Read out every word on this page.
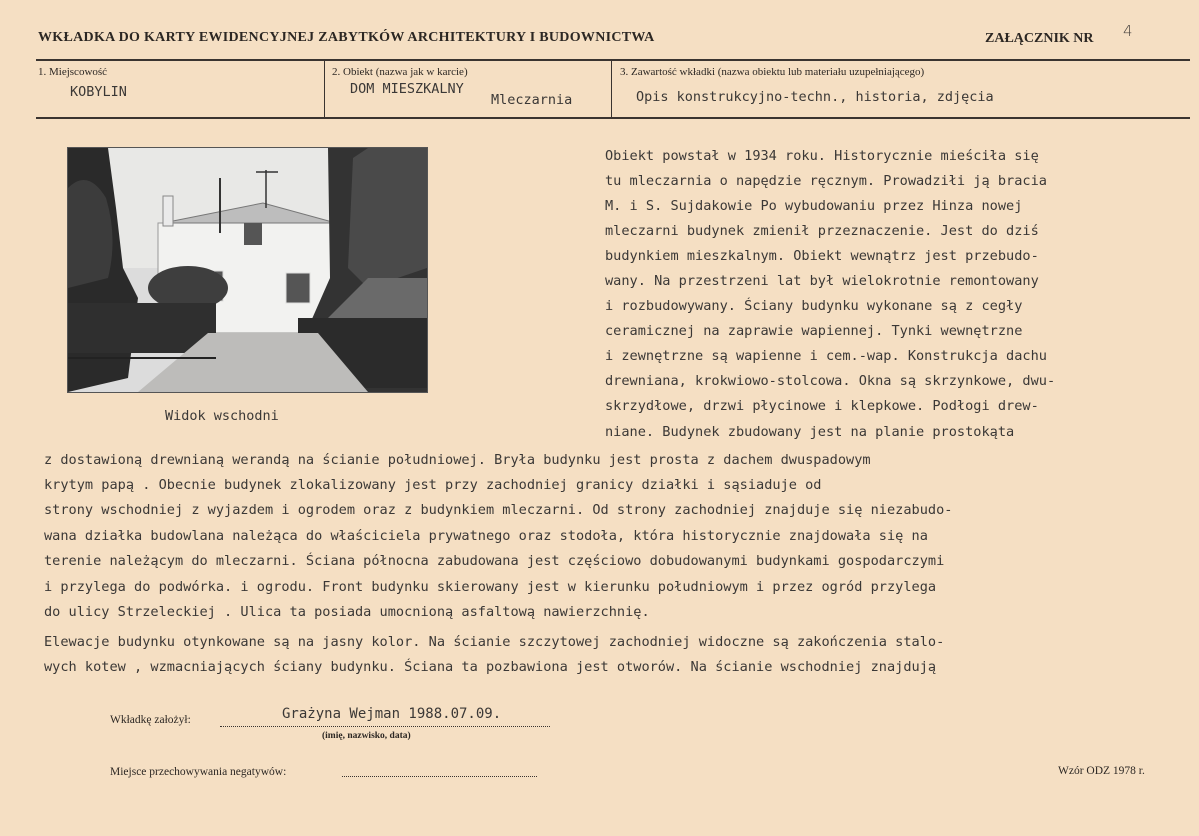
WKŁADKA DO KARTY EWIDENCYJNEJ ZABYTKÓW ARCHITEKTURY I BUDOWNICTWA	ZAŁĄCZNIK NR 4
1. Miejscowość
KOBYLIN
2. Obiekt (nazwa jak w karcie)
DOM MIESZKALNY
Mleczarnia
3. Zawartość wkładki (nazwa obiektu lub materiału uzupełniającego)
Opis konstrukcyjno-techn., historia, zdjęcia
Widok wschodni
Obiekt powstał w 1934 roku. Historycznie mieściła się
tu mleczarnia o napędzie ręcznym. Prowadziłi ją bracia
M. i S. Sujdakowie Po wybudowaniu przez Hinza nowej
mleczarni budynek zmienił przeznaczenie. Jest do dziś
budynkiem mieszkalnym. Obiekt wewnątrz jest przebudo-
wany. Na przestrzeni lat był wielokrotnie remontowany
i rozbudowywany. Ściany budynku wykonane są z cegły
ceramicznej na zaprawie wapiennej. Tynki wewnętrzne
i zewnętrzne są wapienne i cem.-wap. Konstrukcja dachu
drewniana, krokwiowo-stolcowa. Okna są skrzynkowe, dwu-
skrzydłowe, drzwi płycinowe i klepkowe. Podłogi drew-
niane. Budynek zbudowany jest na planie prostokąta
z dostawioną drewnianą werandą na ścianie południowej. Bryła budynku jest prosta z dachem dwuspadowym
krytym papą . Obecnie budynek zlokalizowany jest przy zachodniej granicy działki i sąsiaduje od
strony wschodniej z wyjazdem i ogrodem oraz z budynkiem mleczarni. Od strony zachodniej znajduje się niezabudo-
wana działka budowlana należąca do właściciela prywatnego oraz stodoła, która historycznie znajdowała się na
terenie należącym do mleczarni. Ściana północna zabudowana jest częściowo dobudowanymi budynkami gospodarczymi
i przylega do podwórka. i ogrodu. Front budynku skierowany jest w kierunku południowym i przez ogród przylega
do ulicy Strzeleckiej . Ulica ta posiada umocnioną asfaltową nawierzchnię.
Elewacje budynku otynkowane są na jasny kolor. Na ścianie szczytowej zachodniej widoczne są zakończenia stalo-
wych kotew , wzmacniających ściany budynku. Ściana ta pozbawiona jest otworów. Na ścianie wschodniej znajdują
Wkładkę założył:	Grażyna Wejman 1988.07.09.
(imię, nazwisko, data)
Miejsce przechowywania negatywów:	Wzór ODZ 1978 r.
